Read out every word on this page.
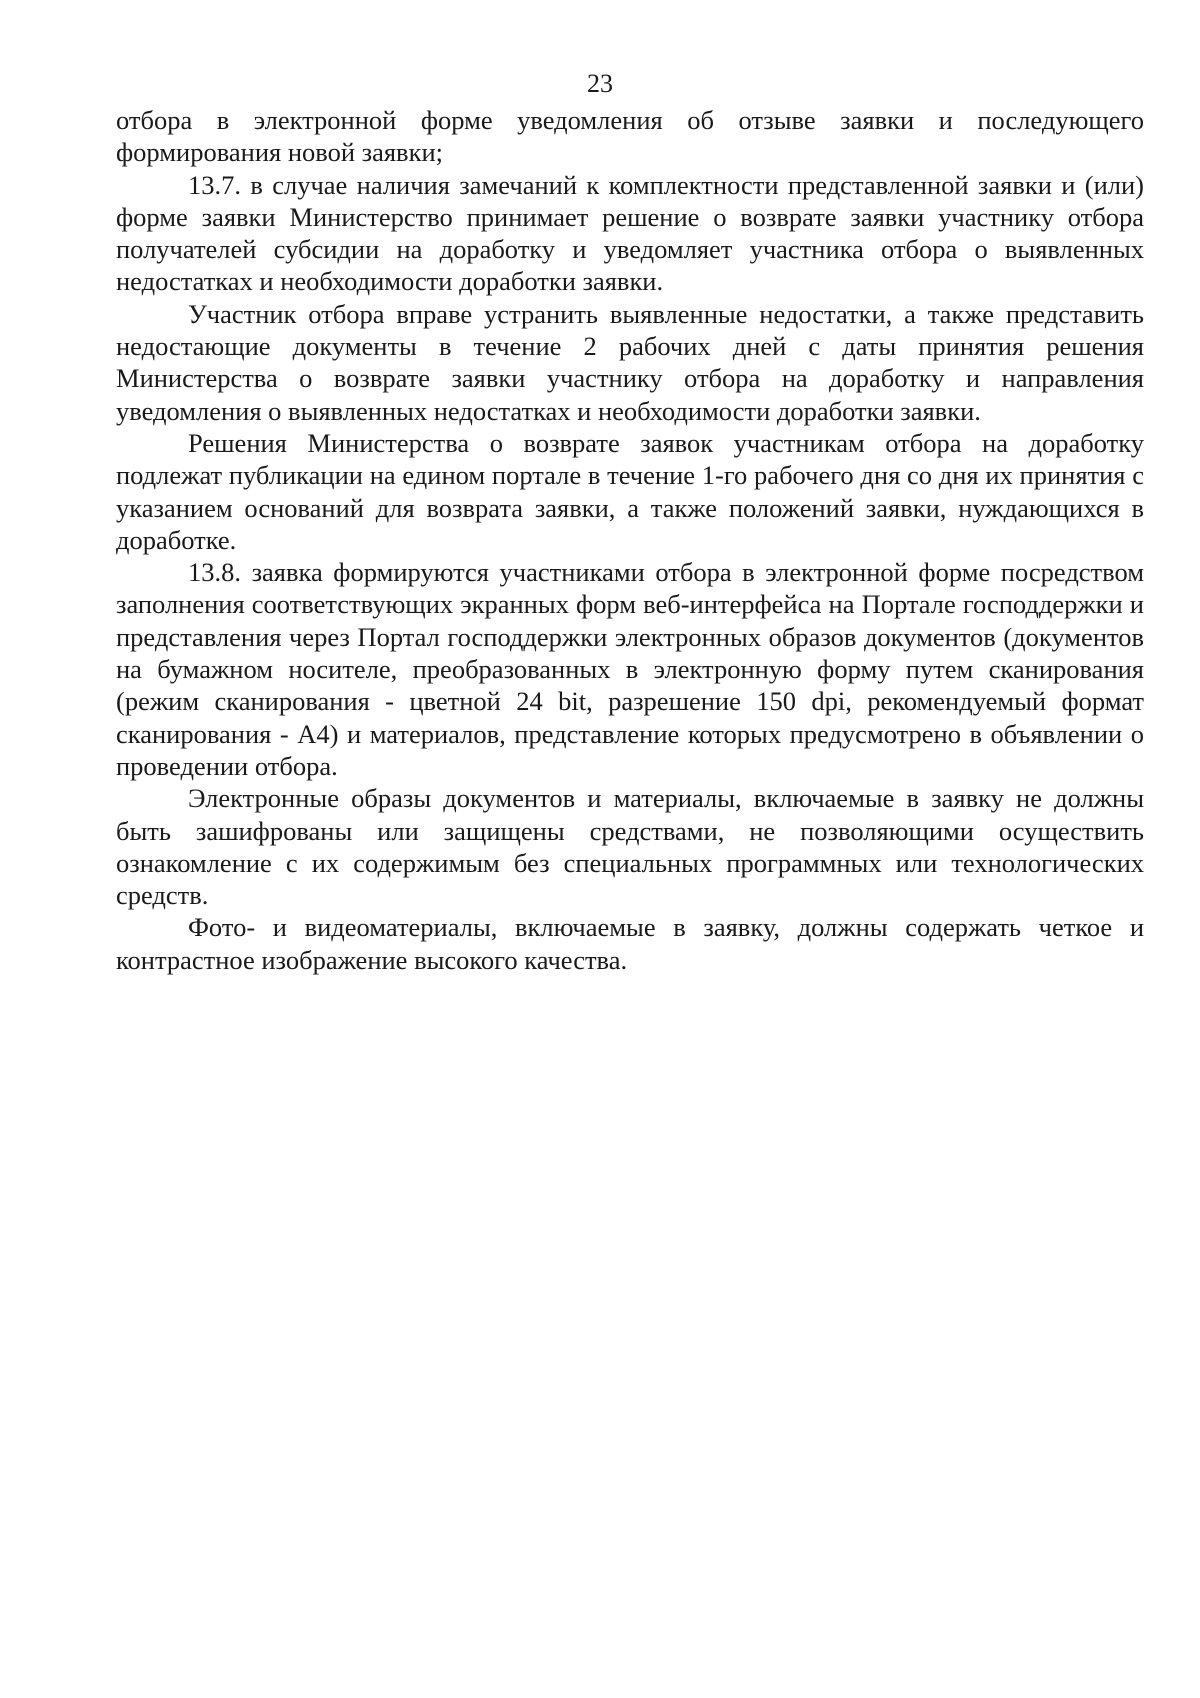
23

отбора в электронной форме уведомления об отзыве заявки и последующего формирования новой заявки;

13.7. в случае наличия замечаний к комплектности представленной заявки и (или) форме заявки Министерство принимает решение о возврате заявки участнику отбора получателей субсидии на доработку и уведомляет участника отбора о выявленных недостатках и необходимости доработки заявки.

Участник отбора вправе устранить выявленные недостатки, а также представить недостающие документы в течение 2 рабочих дней с даты принятия решения Министерства о возврате заявки участнику отбора на доработку и направления уведомления о выявленных недостатках и необходимости доработки заявки.

Решения Министерства о возврате заявок участникам отбора на доработку подлежат публикации на едином портале в течение 1-го рабочего дня со дня их принятия с указанием оснований для возврата заявки, а также положений заявки, нуждающихся в доработке.

13.8. заявка формируются участниками отбора в электронной форме посредством заполнения соответствующих экранных форм веб-интерфейса на Портале господдержки и представления через Портал господдержки электронных образов документов (документов на бумажном носителе, преобразованных в электронную форму путем сканирования (режим сканирования - цветной 24 bit, разрешение 150 dpi, рекомендуемый формат сканирования - А4) и материалов, представление которых предусмотрено в объявлении о проведении отбора.

Электронные образы документов и материалы, включаемые в заявку не должны быть зашифрованы или защищены средствами, не позволяющими осуществить ознакомление с их содержимым без специальных программных или технологических средств.

Фото- и видеоматериалы, включаемые в заявку, должны содержать четкое и контрастное изображение высокого качества.
